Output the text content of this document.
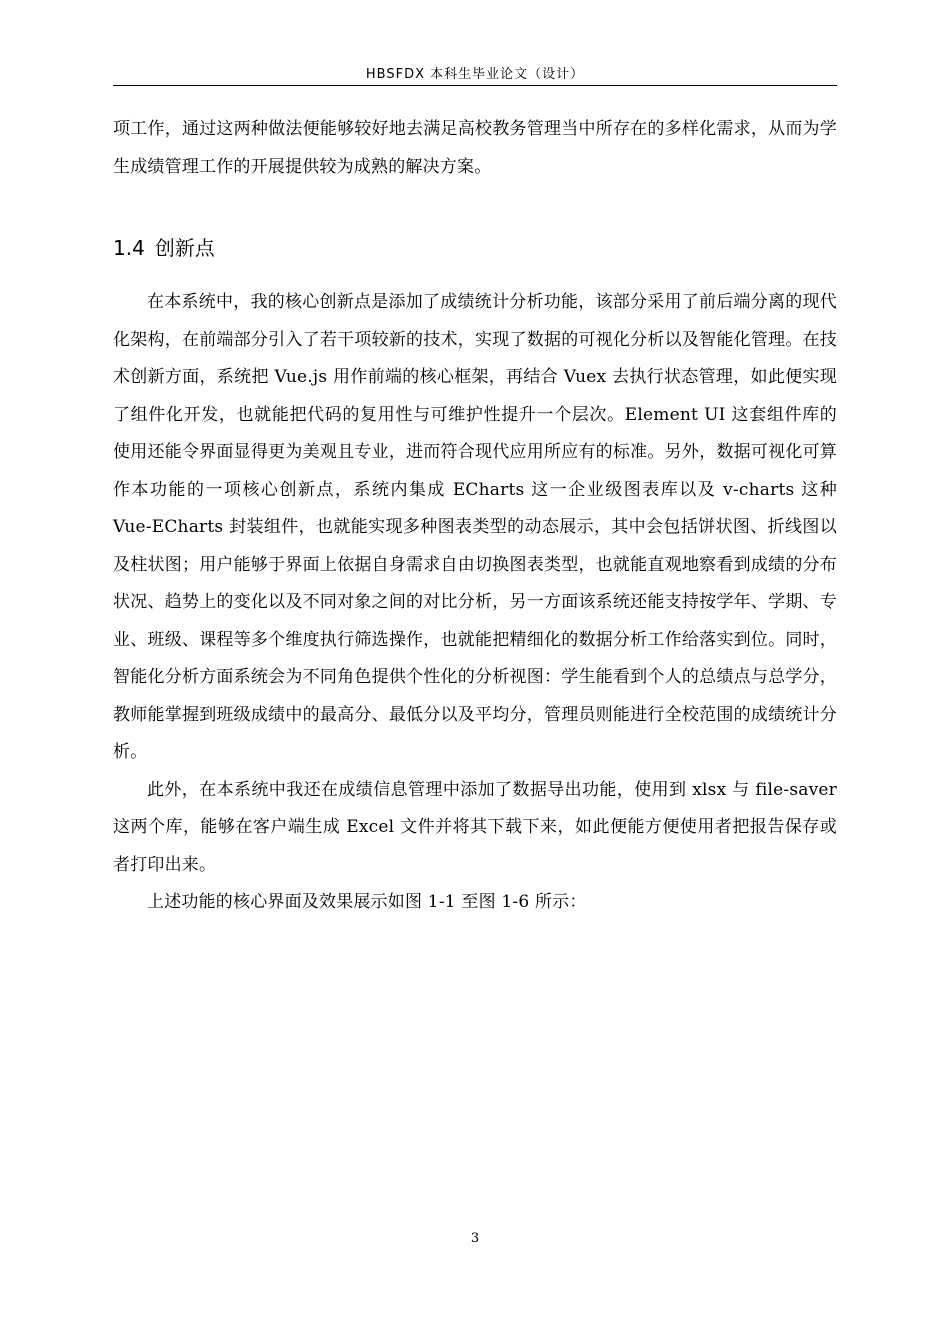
HBSFDX 本科生毕业论文（设计）
项工作，通过这两种做法便能够较好地去满足高校教务管理当中所存在的多样化需求，从而为学生成绩管理工作的开展提供较为成熟的解决方案。
1.4 创新点

在本系统中，我的核心创新点是添加了成绩统计分析功能，该部分采用了前后端分离的现代化架构，在前端部分引入了若干项较新的技术，实现了数据的可视化分析以及智能化管理。在技术创新方面，系统把 Vue.js 用作前端的核心框架，再结合 Vuex 去执行状态管理，如此便实现了组件化开发，也就能把代码的复用性与可维护性提升一个层次。Element UI 这套组件库的使用还能令界面显得更为美观且专业，进而符合现代应用所应有的标准。另外，数据可视化可算作本功能的一项核心创新点，系统内集成 ECharts 这一企业级图表库以及 v-charts 这种 Vue-ECharts 封装组件，也就能实现多种图表类型的动态展示，其中会包括饼状图、折线图以及柱状图；用户能够于界面上依据自身需求自由切换图表类型，也就能直观地察看到成绩的分布状况、趋势上的变化以及不同对象之间的对比分析，另一方面该系统还能支持按学年、学期、专业、班级、课程等多个维度执行筛选操作，也就能把精细化的数据分析工作给落实到位。同时，智能化分析方面系统会为不同角色提供个性化的分析视图：学生能看到个人的总绩点与总学分，教师能掌握到班级成绩中的最高分、最低分以及平均分，管理员则能进行全校范围的成绩统计分析。

此外，在本系统中我还在成绩信息管理中添加了数据导出功能，使用到 xlsx 与 file-saver 这两个库，能够在客户端生成 Excel 文件并将其下载下来，如此便能方便使用者把报告保存或者打印出来。

上述功能的核心界面及效果展示如图 1-1 至图 1-6 所示：

3
